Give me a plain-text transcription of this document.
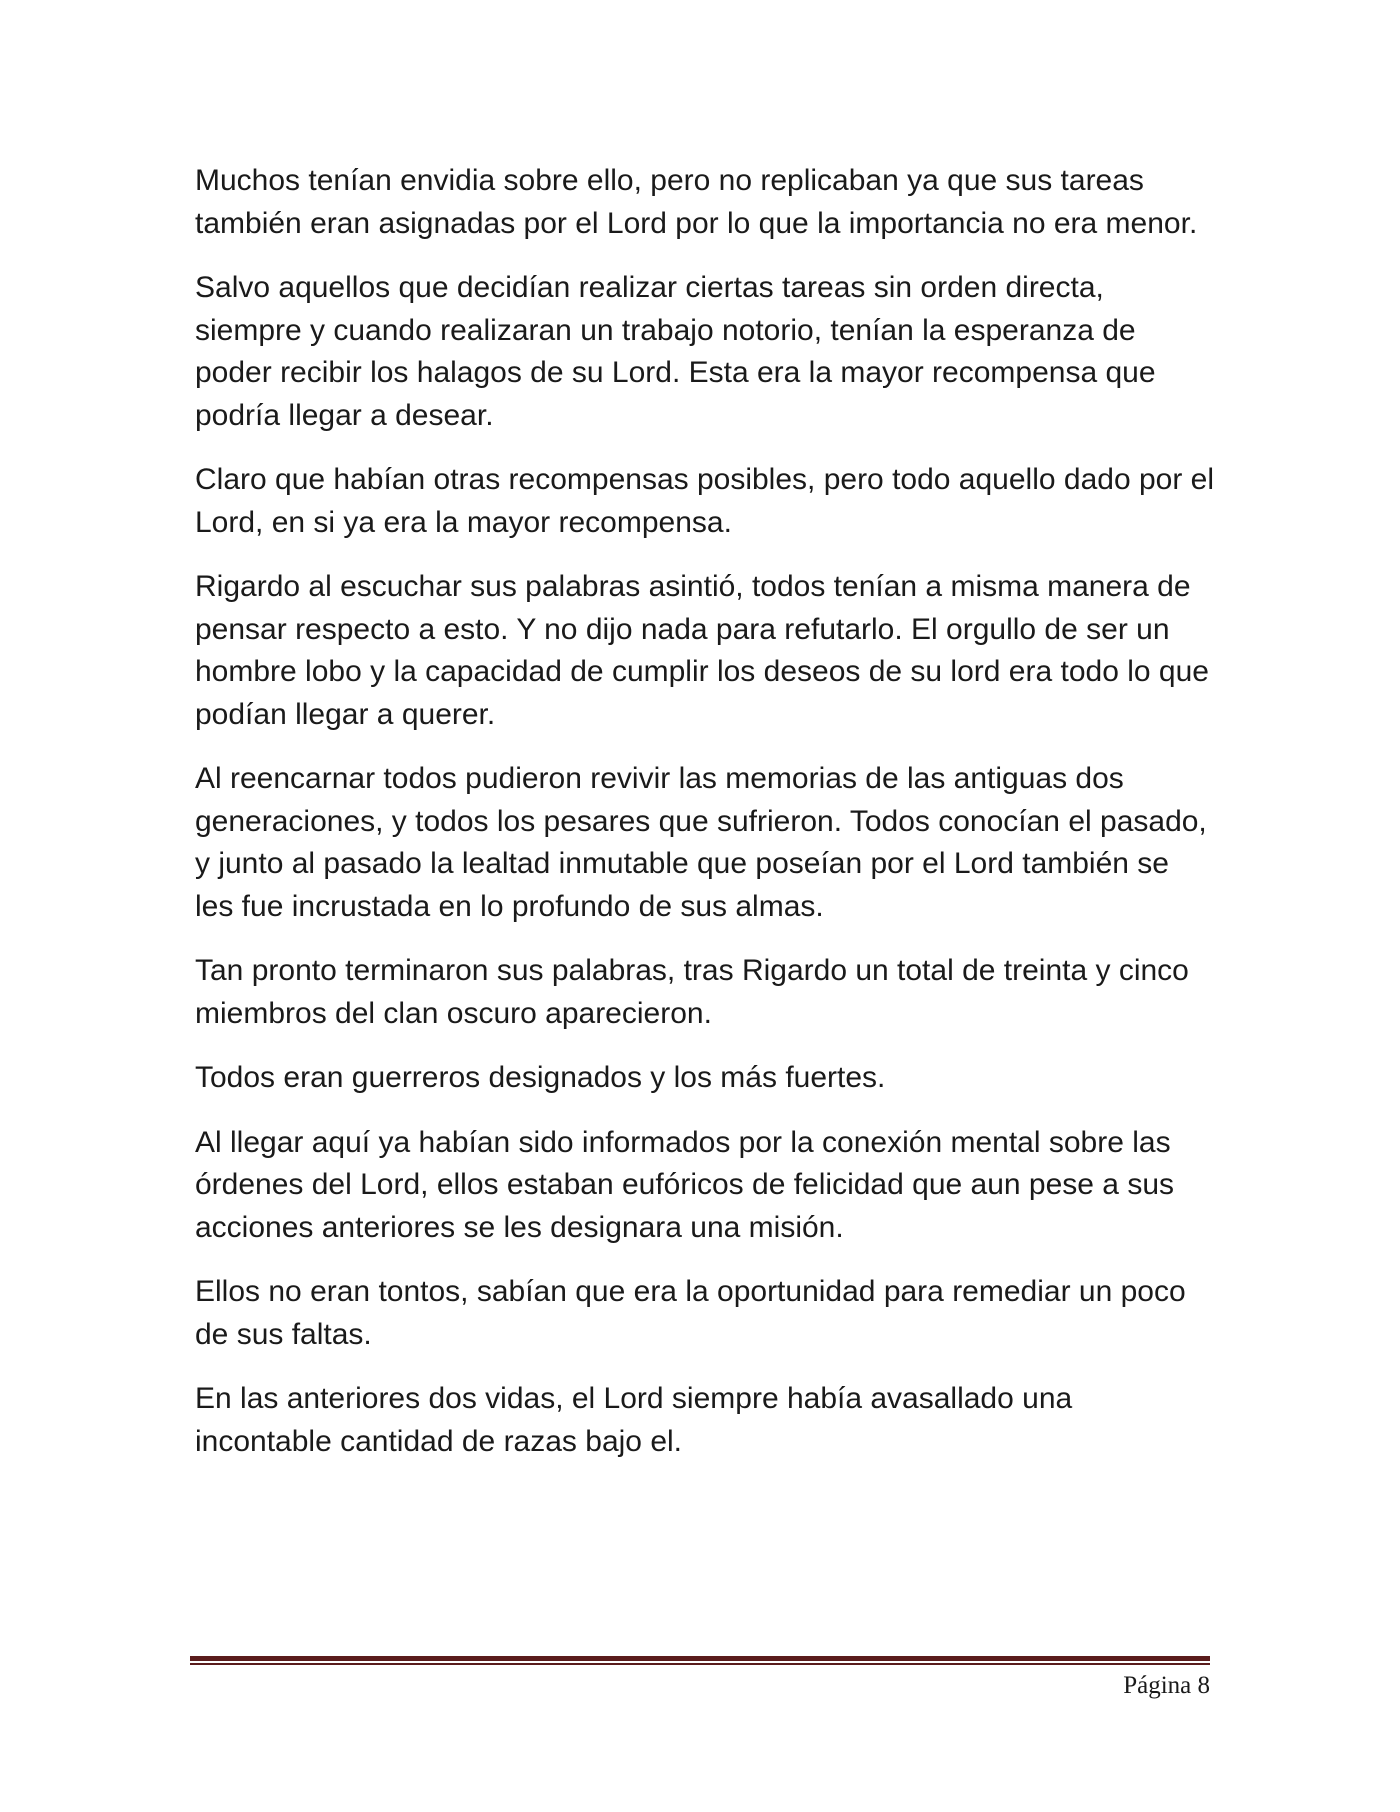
Muchos tenían envidia sobre ello, pero no replicaban ya que sus tareas también eran asignadas por el Lord por lo que la importancia no era menor.

Salvo aquellos que decidían realizar ciertas tareas sin orden directa, siempre y cuando realizaran un trabajo notorio, tenían la esperanza de poder recibir los halagos de su Lord. Esta era la mayor recompensa que podría llegar a desear.

Claro que habían otras recompensas posibles, pero todo aquello dado por el Lord, en si ya era la mayor recompensa.

Rigardo al escuchar sus palabras asintió, todos tenían a misma manera de pensar respecto a esto. Y no dijo nada para refutarlo. El orgullo de ser un hombre lobo y la capacidad de cumplir los deseos de su lord era todo lo que podían llegar a querer.

Al reencarnar todos pudieron revivir las memorias de las antiguas dos generaciones, y todos los pesares que sufrieron. Todos conocían el pasado, y junto al pasado la lealtad inmutable que poseían por el Lord también se les fue incrustada en lo profundo de sus almas.

Tan pronto terminaron sus palabras, tras Rigardo un total de treinta y cinco miembros del clan oscuro aparecieron.

Todos eran guerreros designados y los más fuertes.

Al llegar aquí ya habían sido informados por la conexión mental sobre las órdenes del Lord, ellos estaban eufóricos de felicidad que aun pese a sus acciones anteriores se les designara una misión.

Ellos no eran tontos, sabían que era la oportunidad para remediar un poco de sus faltas.

En las anteriores dos vidas, el Lord siempre había avasallado una incontable cantidad de razas bajo el.

Página 8
